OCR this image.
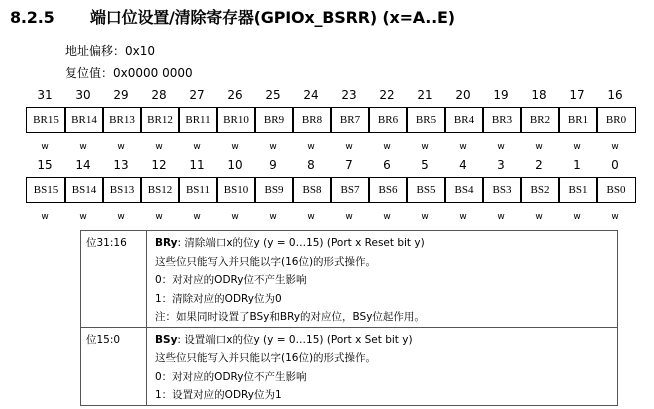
8.2.5 端口位设置/清除寄存器(GPIOx_BSRR) (x=A..E)
地址偏移：0x10
复位值：0x0000 0000
31	30	29	28	27	26	25	24	23	22	21	20	19	18	17	16
BR15	BR14	BR13	BR12	BR11	BR10	BR9	BR8	BR7	BR6	BR5	BR4	BR3	BR2	BR1	BR0
w	w	w	w	w	w	w	w	w	w	w	w	w	w	w	w
15	14	13	12	11	10	9	8	7	6	5	4	3	2	1	0
BS15	BS14	BS13	BS12	BS11	BS10	BS9	BS8	BS7	BS6	BS5	BS4	BS3	BS2	BS1	BS0
w	w	w	w	w	w	w	w	w	w	w	w	w	w	w	w
位31:16	BRy: 清除端口x的位y (y = 0…15) (Port x Reset bit y)
这些位只能写入并只能以字(16位)的形式操作。
0：对对应的ODRy位不产生影响
1：清除对应的ODRy位为0
注：如果同时设置了BSy和BRy的对应位，BSy位起作用。

位15:0	BSy: 设置端口x的位y (y = 0…15) (Port x Set bit y)
这些位只能写入并只能以字(16位)的形式操作。
0：对对应的ODRy位不产生影响
1：设置对应的ODRy位为1
